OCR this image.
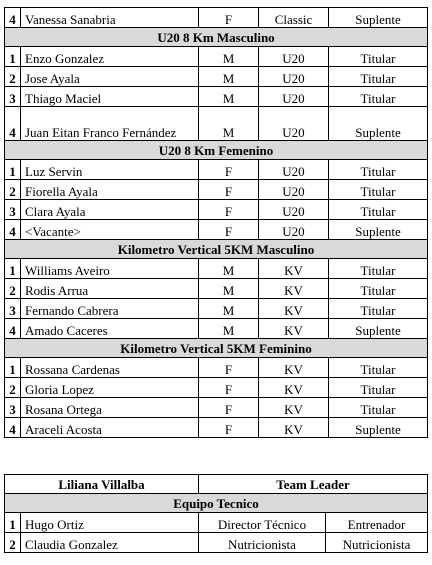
4	Vanessa Sanabria	F	Classic	Suplente
U20 8 Km Masculino				
1	Enzo Gonzalez	M	U20	Titular
2	Jose Ayala	M	U20	Titular
3	Thiago Maciel	M	U20	Titular
4	Juan Eitan Franco Fernández	M	U20	Suplente
U20 8 Km Femenino				
1	Luz Servin	F	U20	Titular
2	Fiorella Ayala	F	U20	Titular
3	Clara Ayala	F	U20	Titular
4	<Vacante>	F	U20	Suplente
Kilometro Vertical 5KM Masculino				
1	Williams Aveiro	M	KV	Titular
2	Rodis Arrua	M	KV	Titular
3	Fernando Cabrera	M	KV	Titular
4	Amado Caceres	M	KV	Suplente
Kilometro Vertical 5KM Feminino				
1	Rossana Cardenas	F	KV	Titular
2	Gloria Lopez	F	KV	Titular
3	Rosana Ortega	F	KV	Titular
4	Araceli Acosta	F	KV	Suplente
Liliana Villalba		Team Leader	
Equipo Tecnico			
1	Hugo Ortiz	Director Técnico	Entrenador
2	Claudia Gonzalez	Nutricionista	Nutricionista
